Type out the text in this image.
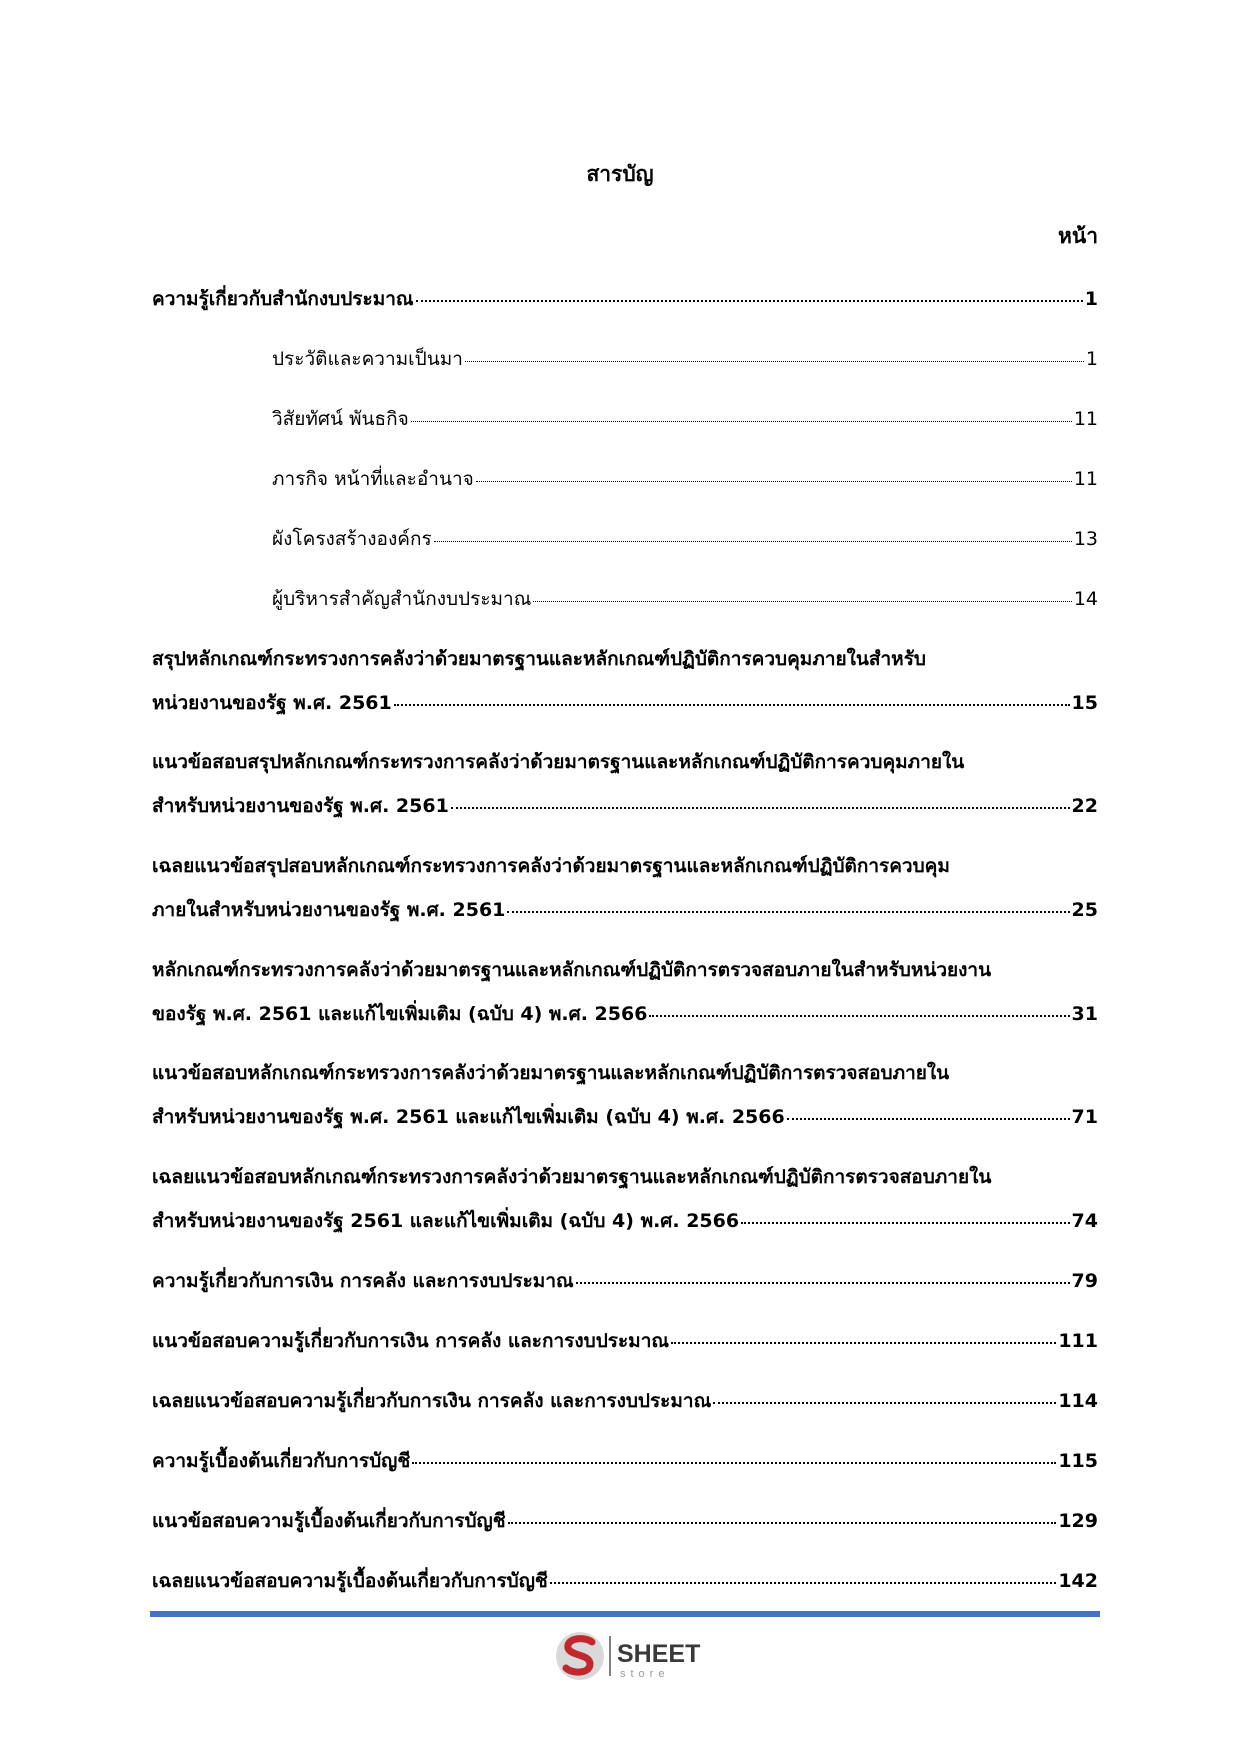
สารบัญ
หน้า
ความรู้เกี่ยวกับสำนักงบประมาณ	1
ประวัติและความเป็นมา	1
วิสัยทัศน์ พันธกิจ	11
ภารกิจ หน้าที่และอำนาจ	11
ผังโครงสร้างองค์กร	13
ผู้บริหารสำคัญสำนักงบประมาณ	14
สรุปหลักเกณฑ์กระทรวงการคลังว่าด้วยมาตรฐานและหลักเกณฑ์ปฏิบัติการควบคุมภายในสำหรับ
หน่วยงานของรัฐ พ.ศ. 2561	15
แนวข้อสอบสรุปหลักเกณฑ์กระทรวงการคลังว่าด้วยมาตรฐานและหลักเกณฑ์ปฏิบัติการควบคุมภายใน
สำหรับหน่วยงานของรัฐ พ.ศ. 2561	22
เฉลยแนวข้อสรุปสอบหลักเกณฑ์กระทรวงการคลังว่าด้วยมาตรฐานและหลักเกณฑ์ปฏิบัติการควบคุม
ภายในสำหรับหน่วยงานของรัฐ พ.ศ. 2561	25
หลักเกณฑ์กระทรวงการคลังว่าด้วยมาตรฐานและหลักเกณฑ์ปฏิบัติการตรวจสอบภายในสำหรับหน่วยงาน
ของรัฐ พ.ศ. 2561 และแก้ไขเพิ่มเติม (ฉบับ 4) พ.ศ. 2566	31
แนวข้อสอบหลักเกณฑ์กระทรวงการคลังว่าด้วยมาตรฐานและหลักเกณฑ์ปฏิบัติการตรวจสอบภายใน
สำหรับหน่วยงานของรัฐ พ.ศ. 2561 และแก้ไขเพิ่มเติม (ฉบับ 4) พ.ศ. 2566	71
เฉลยแนวข้อสอบหลักเกณฑ์กระทรวงการคลังว่าด้วยมาตรฐานและหลักเกณฑ์ปฏิบัติการตรวจสอบภายใน
สำหรับหน่วยงานของรัฐ 2561 และแก้ไขเพิ่มเติม (ฉบับ 4) พ.ศ. 2566	74
ความรู้เกี่ยวกับการเงิน การคลัง และการงบประมาณ	79
แนวข้อสอบความรู้เกี่ยวกับการเงิน การคลัง และการงบประมาณ	111
เฉลยแนวข้อสอบความรู้เกี่ยวกับการเงิน การคลัง และการงบประมาณ	114
ความรู้เบื้องต้นเกี่ยวกับการบัญชี	115
แนวข้อสอบความรู้เบื้องต้นเกี่ยวกับการบัญชี	129
เฉลยแนวข้อสอบความรู้เบื้องต้นเกี่ยวกับการบัญชี	142
SHEET
store
